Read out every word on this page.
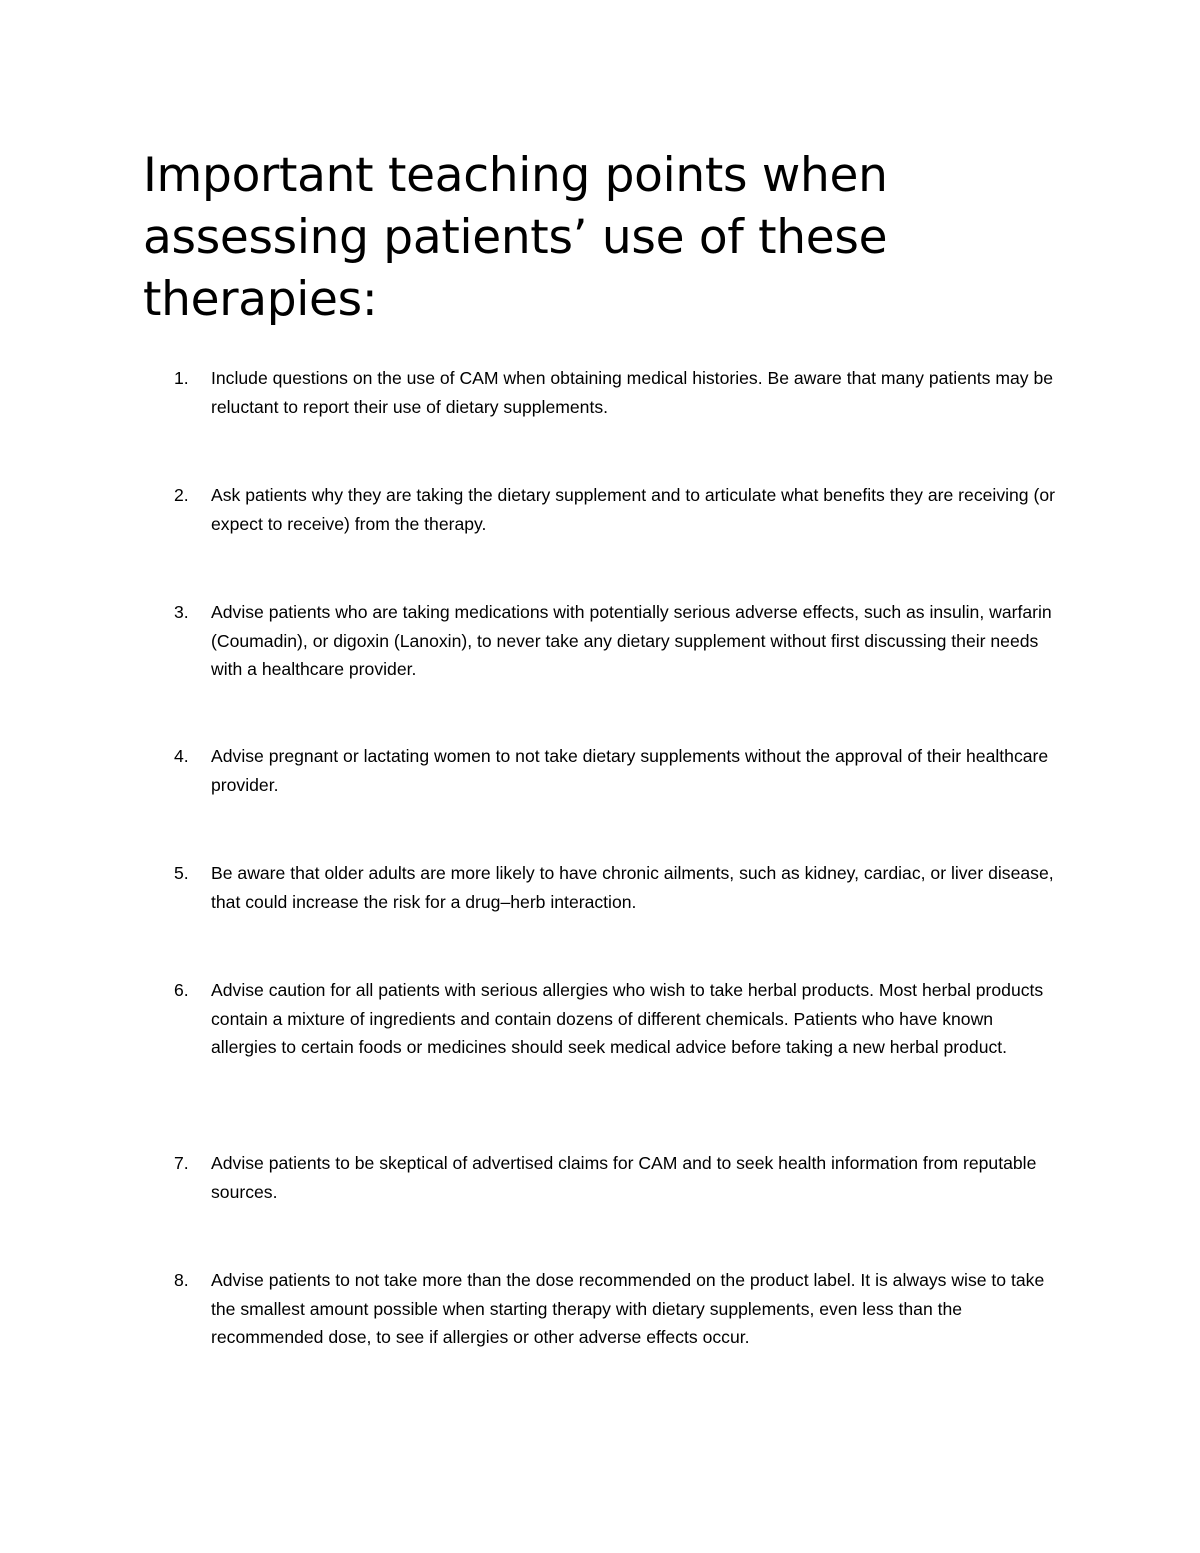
Important teaching points when assessing patients’ use of these therapies:
1.	Include questions on the use of CAM when obtaining medical histories. Be aware that many patients may be reluctant to report their use of dietary supplements.
2.	Ask patients why they are taking the dietary supplement and to articulate what benefits they are receiving (or expect to receive) from the therapy.
3.	Advise patients who are taking medications with potentially serious adverse effects, such as insulin, warfarin (Coumadin), or digoxin (Lanoxin), to never take any dietary supplement without first discussing their needs with a healthcare provider.
4.	Advise pregnant or lactating women to not take dietary supplements without the approval of their healthcare provider.
5.	Be aware that older adults are more likely to have chronic ailments, such as kidney, cardiac, or liver disease, that could increase the risk for a drug–herb interaction.
6.	Advise caution for all patients with serious allergies who wish to take herbal products. Most herbal products contain a mixture of ingredients and contain dozens of different chemicals. Patients who have known allergies to certain foods or medicines should seek medical advice before taking a new herbal product.
7.	Advise patients to be skeptical of advertised claims for CAM and to seek health information from reputable sources.
8.	Advise patients to not take more than the dose recommended on the product label. It is always wise to take the smallest amount possible when starting therapy with dietary supplements, even less than the recommended dose, to see if allergies or other adverse effects occur.
